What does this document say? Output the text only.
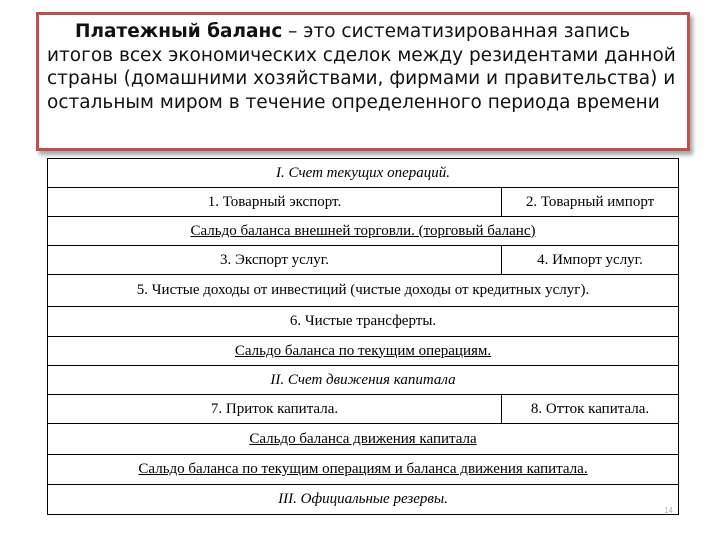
Платежный баланс – это систематизированная запись итогов всех экономических сделок между резидентами данной страны (домашними хозяйствами, фирмами и правительства) и остальным миром в течение определенного периода времени
I. Счет текущих операций.
1. Товарный экспорт.	2. Товарный импорт
Сальдо баланса внешней торговли. (торговый баланс)
3. Экспорт услуг.	4. Импорт услуг.
5. Чистые доходы от инвестиций (чистые доходы от кредитных услуг).
6. Чистые трансферты.
Сальдо баланса по текущим операциям.
II. Счет движения капитала
7. Приток капитала.	8. Отток капитала.
Сальдо баланса движения капитала
Сальдо баланса по текущим операциям и баланса движения капитала.
III. Официальные резервы.
14
